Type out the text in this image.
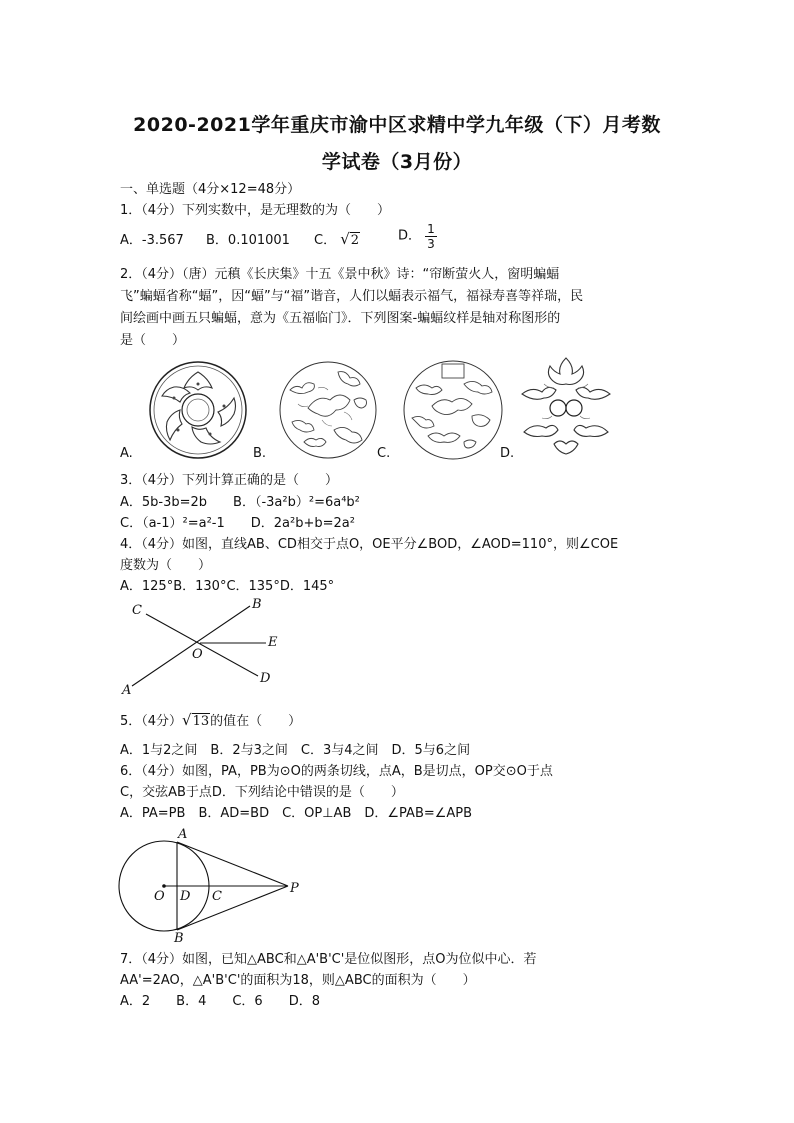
2020-2021学年重庆市渝中区求精中学九年级（下）月考数
学试卷（3月份）
一、单选题（4分×12=48分）
1．（4分）下列实数中，是无理数的为（　　）
A．-3.567 B．0.101001 C． √2	D． $\frac{1}{3}$
2．（4分）（唐）元稹《长庆集》十五《景中秋》诗：“帘断萤火人，窗明蝙蝠
飞”蝙蝠省称“蝠”，因“蝠”与“福”谐音，人们以蝠表示福气，福禄寿喜等祥瑞，民
间绘画中画五只蝙蝠，意为《五福临门》．下列图案-蝙蝠纹样是轴对称图形的
是（　　）
A.	B.	C.	D.
3．（4分）下列计算正确的是（　　）
A．5b-3b=2b　　B．（-3a²b）²=6a⁴b²
C．（a-1）²=a²-1　　D．2a²b+b=2a²
4．（4分）如图，直线AB、CD相交于点O，OE平分∠BOD，∠AOD=110°，则∠COE
度数为（　　）
A．125°B．130°C．135°D．145°
C	B
E
O
D
A
5．（4分）√13的值在（　　）
A．1与2之间　B．2与3之间　C．3与4之间　D．5与6之间
6．（4分）如图，PA，PB为⊙O的两条切线，点A，B是切点，OP交⊙O于点
C，交弦AB于点D．下列结论中错误的是（　　）
A．PA=PB　B．AD=BD　C．OP⊥AB　D．∠PAB=∠APB
A
B
O D C
P
7．（4分）如图，已知△ABC和△A'B'C'是位似图形，点O为位似中心．若
AA'=2AO，△A'B'C'的面积为18，则△ABC的面积为（　　）
A．2　　B．4　　C．6　　D．8
